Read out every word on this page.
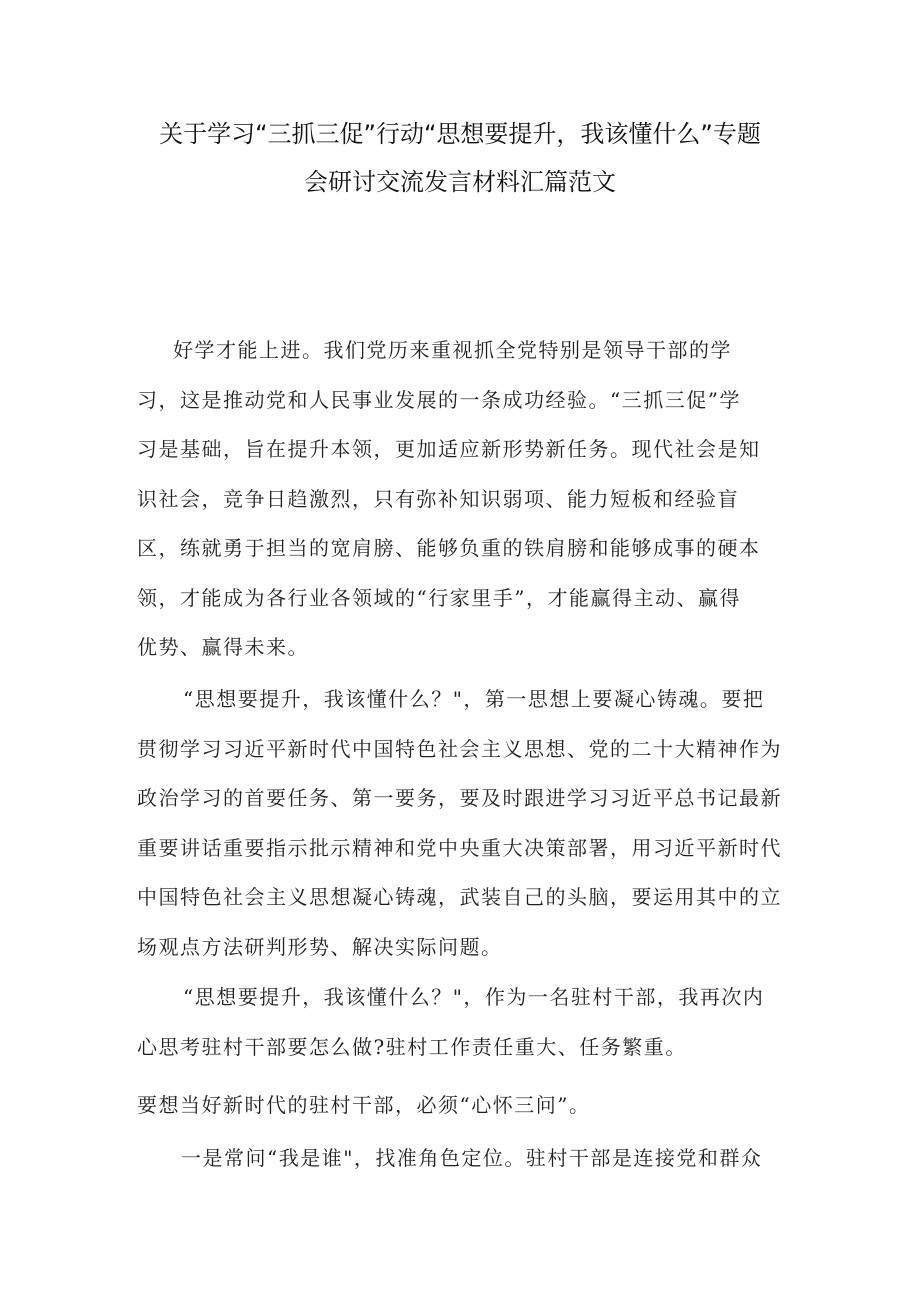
关于学习“三抓三促”行动“思想要提升，我该懂什么”专题
会研讨交流发言材料汇篇范文
好学才能上进。我们党历来重视抓全党特别是领导干部的学
习，这是推动党和人民事业发展的一条成功经验。“三抓三促”学
习是基础，旨在提升本领，更加适应新形势新任务。现代社会是知
识社会，竞争日趋激烈，只有弥补知识弱项、能力短板和经验盲
区，练就勇于担当的宽肩膀、能够负重的铁肩膀和能够成事的硬本
领，才能成为各行业各领域的“行家里手”，才能赢得主动、赢得
优势、赢得未来。
“思想要提升，我该懂什么？"，第一思想上要凝心铸魂。要把
贯彻学习习近平新时代中国特色社会主义思想、党的二十大精神作为
政治学习的首要任务、第一要务，要及时跟进学习习近平总书记最新
重要讲话重要指示批示精神和党中央重大决策部署，用习近平新时代
中国特色社会主义思想凝心铸魂，武装自己的头脑，要运用其中的立
场观点方法研判形势、解决实际问题。
“思想要提升，我该懂什么？"，作为一名驻村干部，我再次内
心思考驻村干部要怎么做?驻村工作责任重大、任务繁重。
要想当好新时代的驻村干部，必须“心怀三问”。
一是常问“我是谁"，找准角色定位。驻村干部是连接党和群众
